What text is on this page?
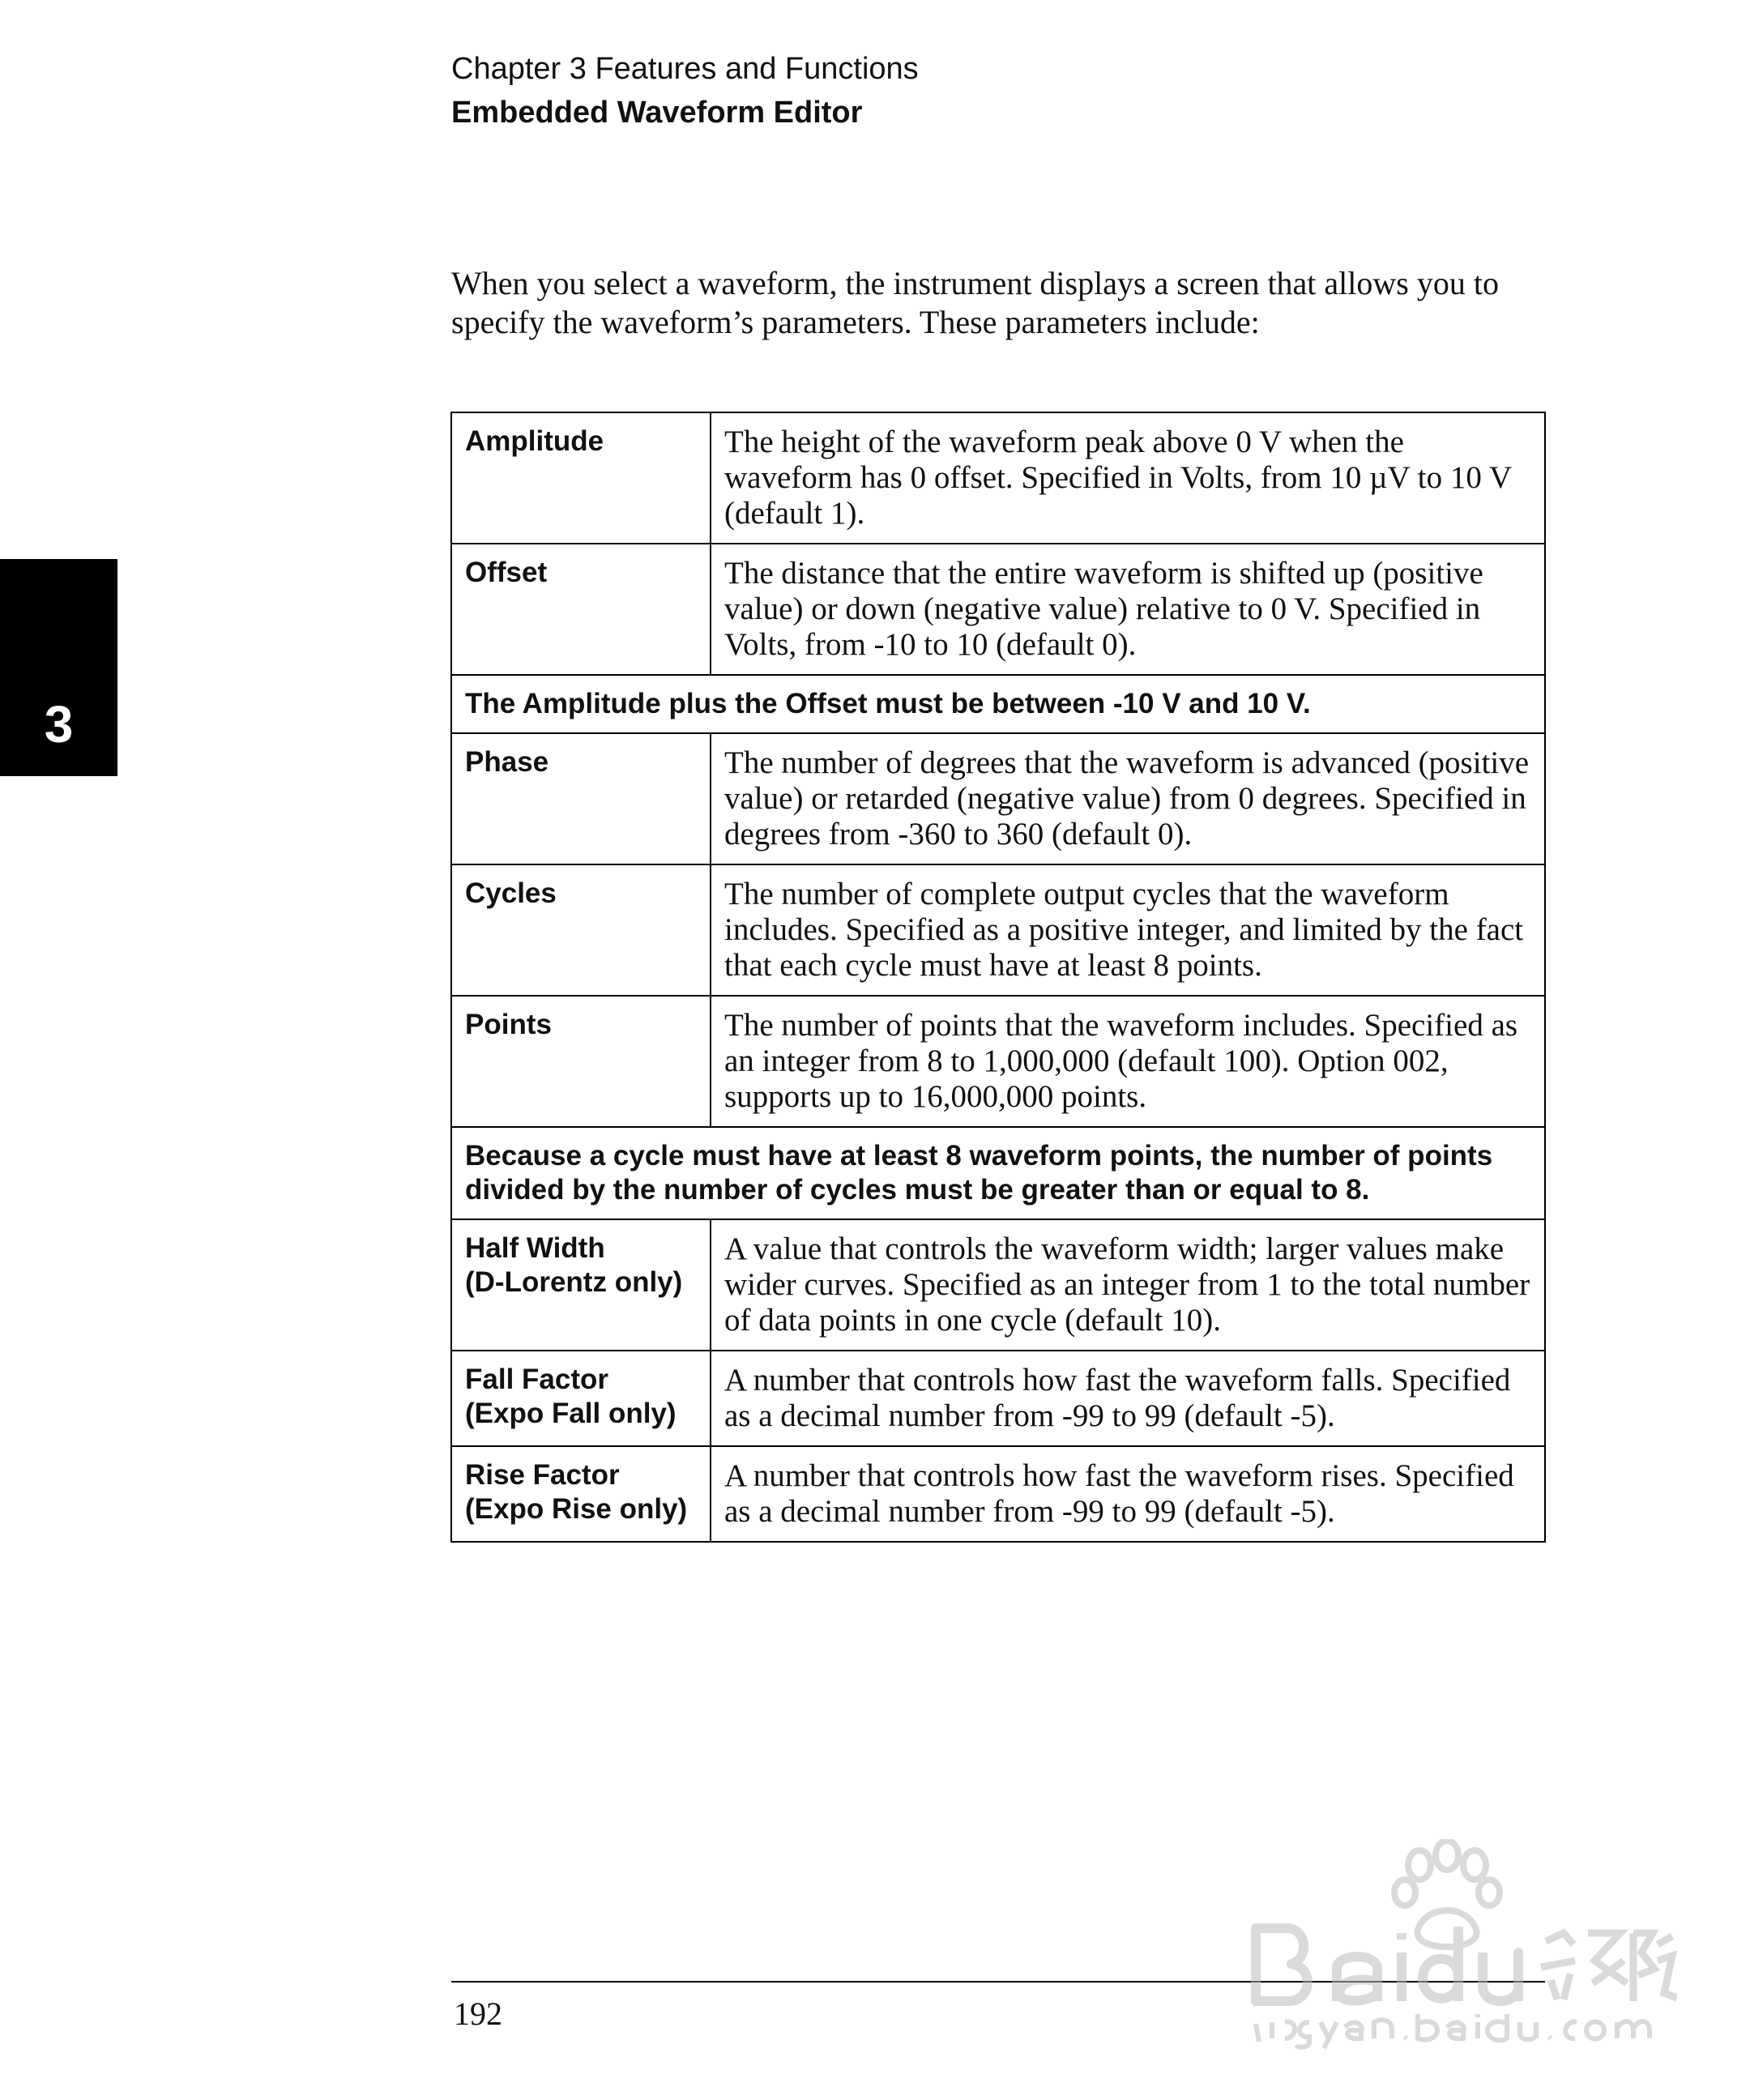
Chapter 3 Features and Functions
Embedded Waveform Editor
3

When you select a waveform, the instrument displays a screen that allows you to specify the waveform’s parameters. These parameters include:

Amplitude	The height of the waveform peak above 0 V when the waveform has 0 offset. Specified in Volts, from 10 µV to 10 V (default 1).

Offset	The distance that the entire waveform is shifted up (positive value) or down (negative value) relative to 0 V. Specified in Volts, from -10 to 10 (default 0).
The Amplitude plus the Offset must be between -10 V and 10 V.	

Phase	The number of degrees that the waveform is advanced (positive value) or retarded (negative value) from 0 degrees. Specified in degrees from -360 to 360 (default 0).

Cycles	The number of complete output cycles that the waveform includes. Specified as a positive integer, and limited by the fact that each cycle must have at least 8 points.

Points	The number of points that the waveform includes. Specified as an integer from 8 to 1,000,000 (default 100). Option 002, supports up to 16,000,000 points.
Because a cycle must have at least 8 waveform points, the number of points divided by the number of cycles must be greater than or equal to 8.	

Half Width
(D-Lorentz only)	A value that controls the waveform width; larger values make wider curves. Specified as an integer from 1 to the total number of data points in one cycle (default 10).

Fall Factor
(Expo Fall only)	A number that controls how fast the waveform falls. Specified as a decimal number from -99 to 99 (default -5).

Rise Factor
(Expo Rise only)	A number that controls how fast the waveform rises. Specified as a decimal number from -99 to 99 (default -5).
192
